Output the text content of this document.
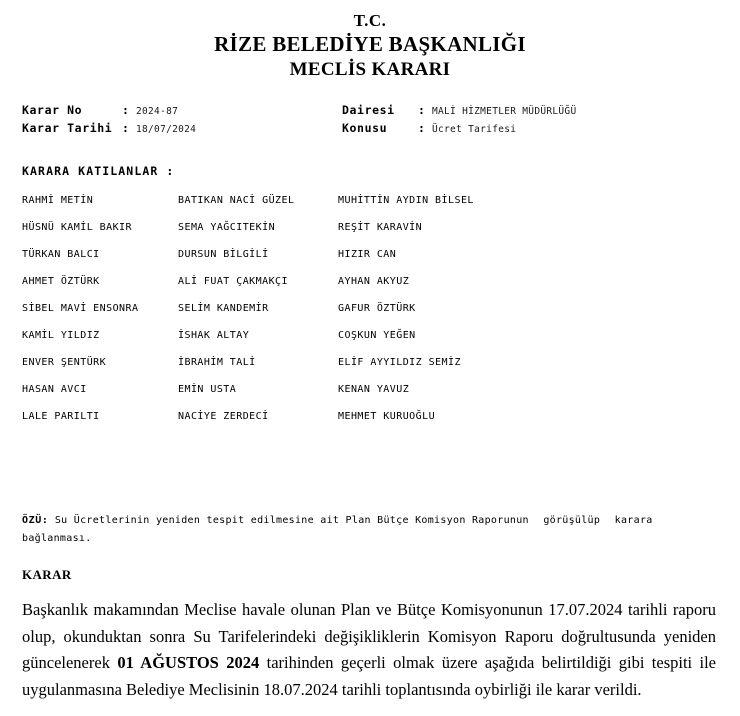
T.C.
RİZE BELEDİYE BAŞKANLIĞI
MECLİS KARARI
Karar No	: 2024-87
Karar Tarihi : 18/07/2024
Dairesi	: MALİ HİZMETLER MÜDÜRLÜĞÜ
Konusu	: Ücret Tarifesi
KARARA KATILANLAR :
RAHMİ METİN	BATIKAN NACİ GÜZEL	MUHİTTİN AYDIN BİLSEL
HÜSNÜ KAMİL BAKIR	SEMA YAĞCITEKİN	REŞİT KARAVİN
TÜRKAN BALCI	DURSUN BİLGİLİ	HIZIR CAN
AHMET ÖZTÜRK	ALİ FUAT ÇAKMAKÇI	AYHAN AKYUZ
SİBEL MAVİ ENSONRA	SELİM KANDEMİR	GAFUR ÖZTÜRK
KAMİL YILDIZ	İSHAK ALTAY	COŞKUN YEĞEN
ENVER ŞENTÜRK	İBRAHİM TALİ	ELİF AYYILDIZ SEMİZ
HASAN AVCI	EMİN USTA	KENAN YAVUZ
LALE PARILTI	NACİYE ZERDECİ	MEHMET KURUOĞLU
ÖZÜ: Su Ücretlerinin yeniden tespit edilmesine ait Plan Bütçe Komisyon Raporunun görüşülüp karara bağlanması.
KARAR
Başkanlık makamından Meclise havale olunan Plan ve Bütçe Komisyonunun 17.07.2024 tarihli raporu olup, okunduktan sonra Su Tarifelerindeki değişikliklerin Komisyon Raporu doğrultusunda yeniden güncelenerek 01 AĞUSTOS 2024 tarihinden geçerli olmak üzere aşağıda belirtildiği gibi tespiti ile uygulanmasına Belediye Meclisinin 18.07.2024 tarihli toplantısında oybirliği ile karar verildi.
